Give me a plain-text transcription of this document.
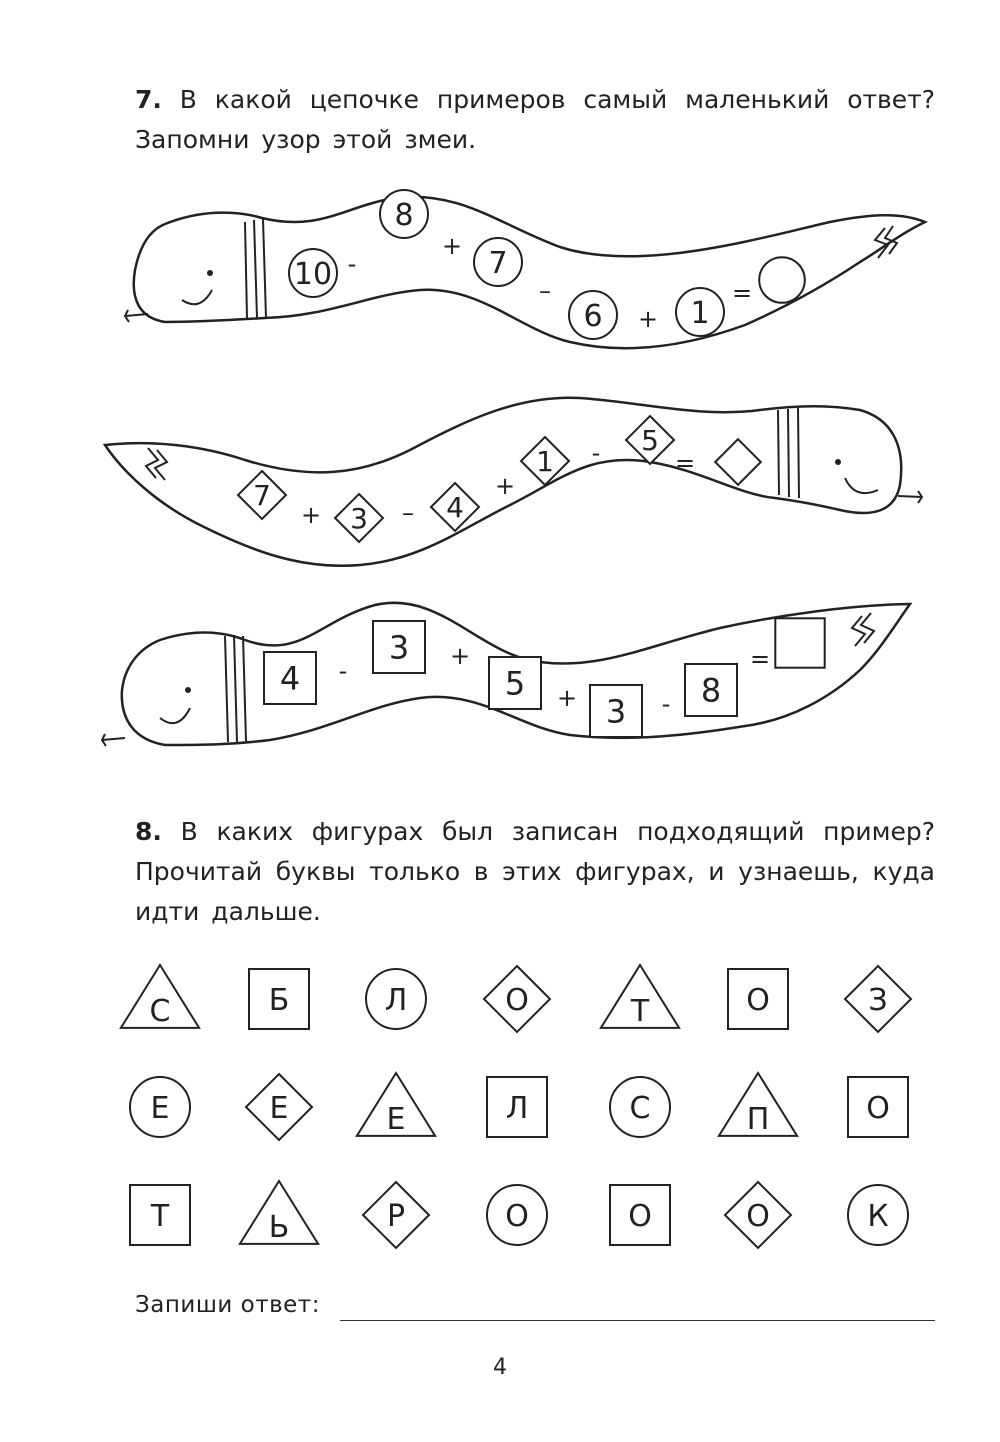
7. В какой цепочке примеров самый маленький ответ? Запомни узор этой змеи.
10 -
8
+ 7
–
6 + 1
=
7
+ 3 – 4
+
1 - 5
=
4 -
3 +
5 + 3 - 8
=
С	Б	Л	О	Т	О	З
Е	Е	Е	Л	С	П	О
Т	Ь	Р	О	О	О	К
8. В каких фигурах был записан подходящий пример? Прочитай буквы только в этих фигурах, и узнаешь, куда идти дальше.
Запиши ответ:
4
